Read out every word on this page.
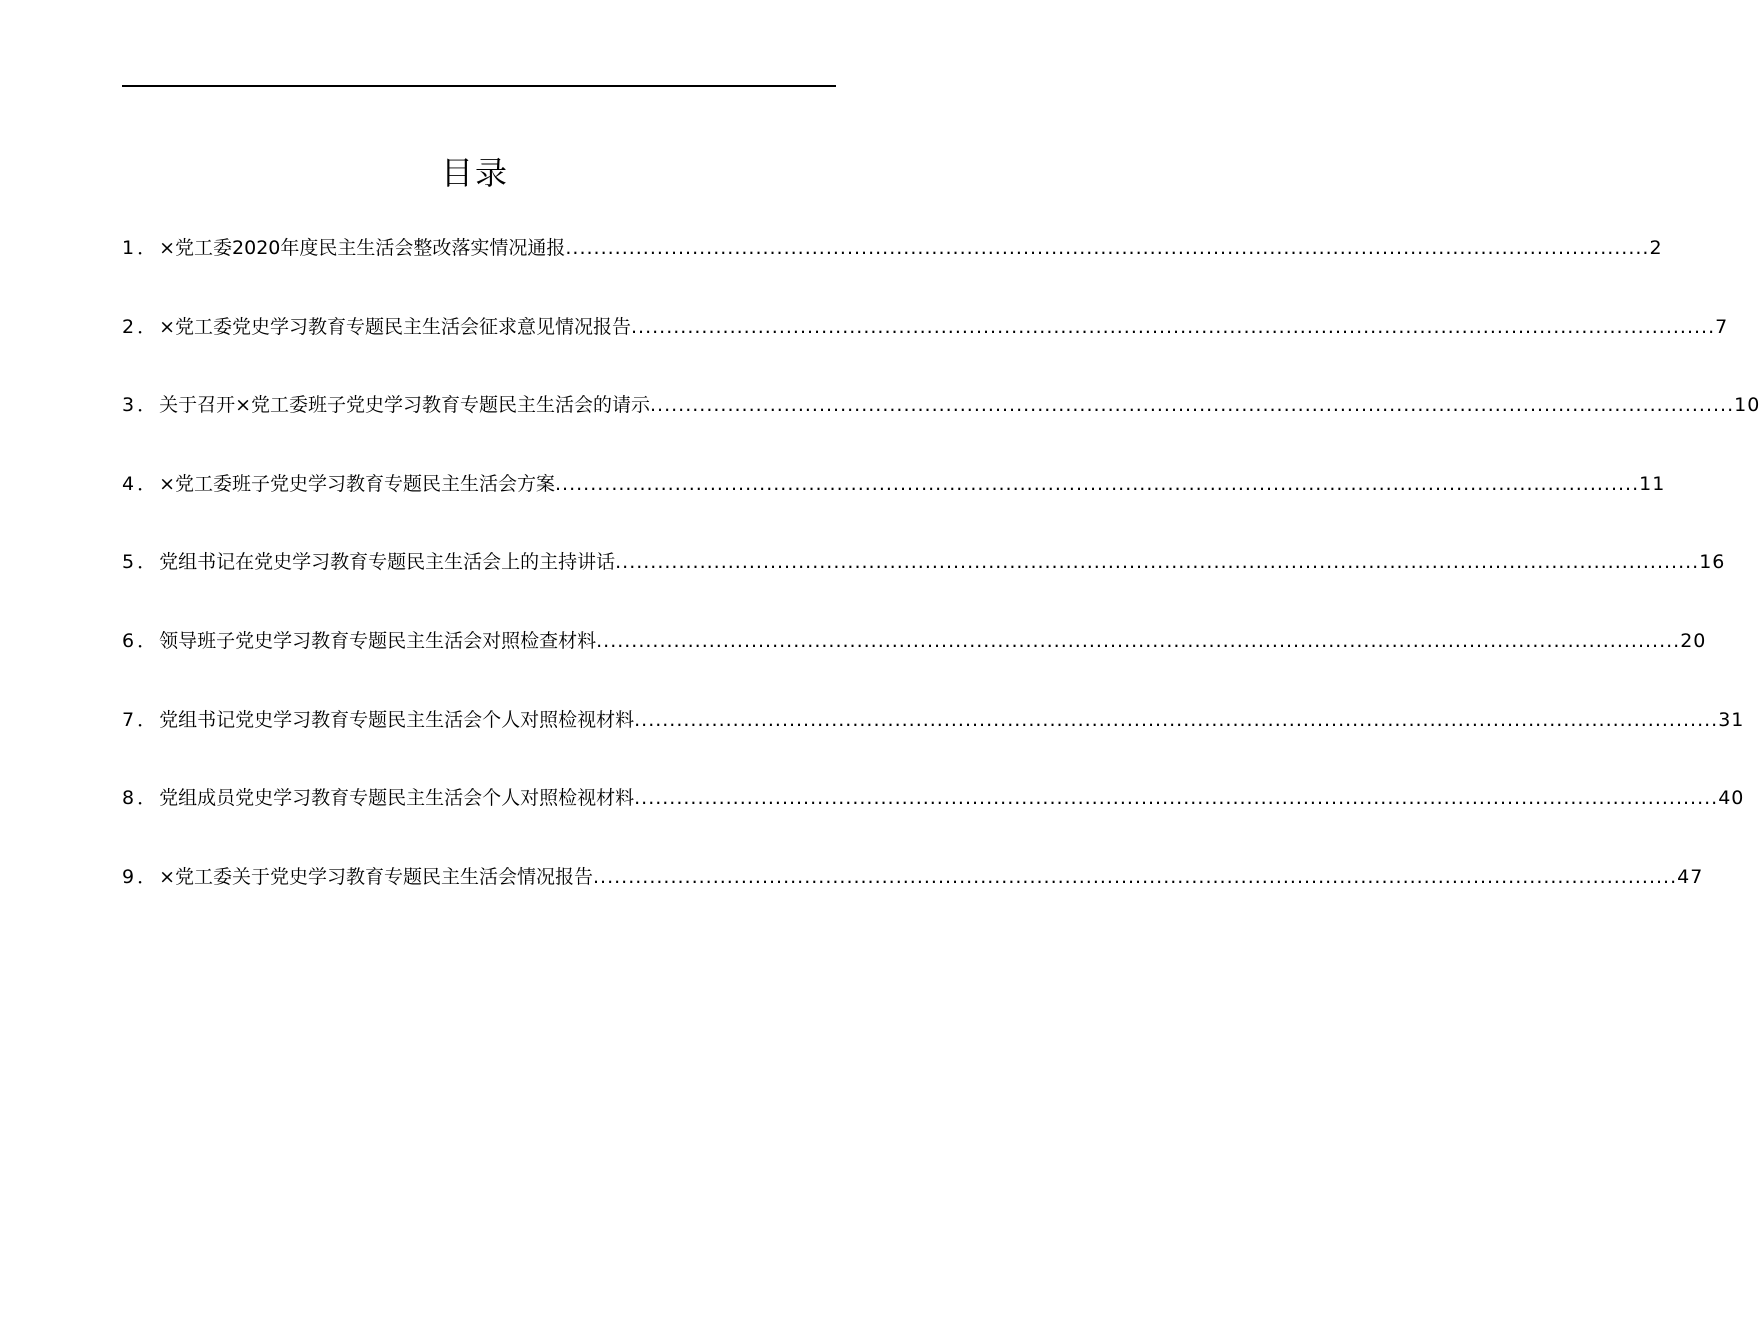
目录
1． ×党工委2020年度民主生活会整改落实情况通报 .....	2
2． ×党工委党史学习教育专题民主生活会征求意见情况报告 .....	7
3． 关于召开×党工委班子党史学习教育专题民主生活会的请示 .....	10
4． ×党工委班子党史学习教育专题民主生活会方案 .....	11
5． 党组书记在党史学习教育专题民主生活会上的主持讲话 .....	16
6． 领导班子党史学习教育专题民主生活会对照检查材料 .....	20
7． 党组书记党史学习教育专题民主生活会个人对照检视材料 .....	31
8． 党组成员党史学习教育专题民主生活会个人对照检视材料 .....	40
9． ×党工委关于党史学习教育专题民主生活会情况报告 .....	47
